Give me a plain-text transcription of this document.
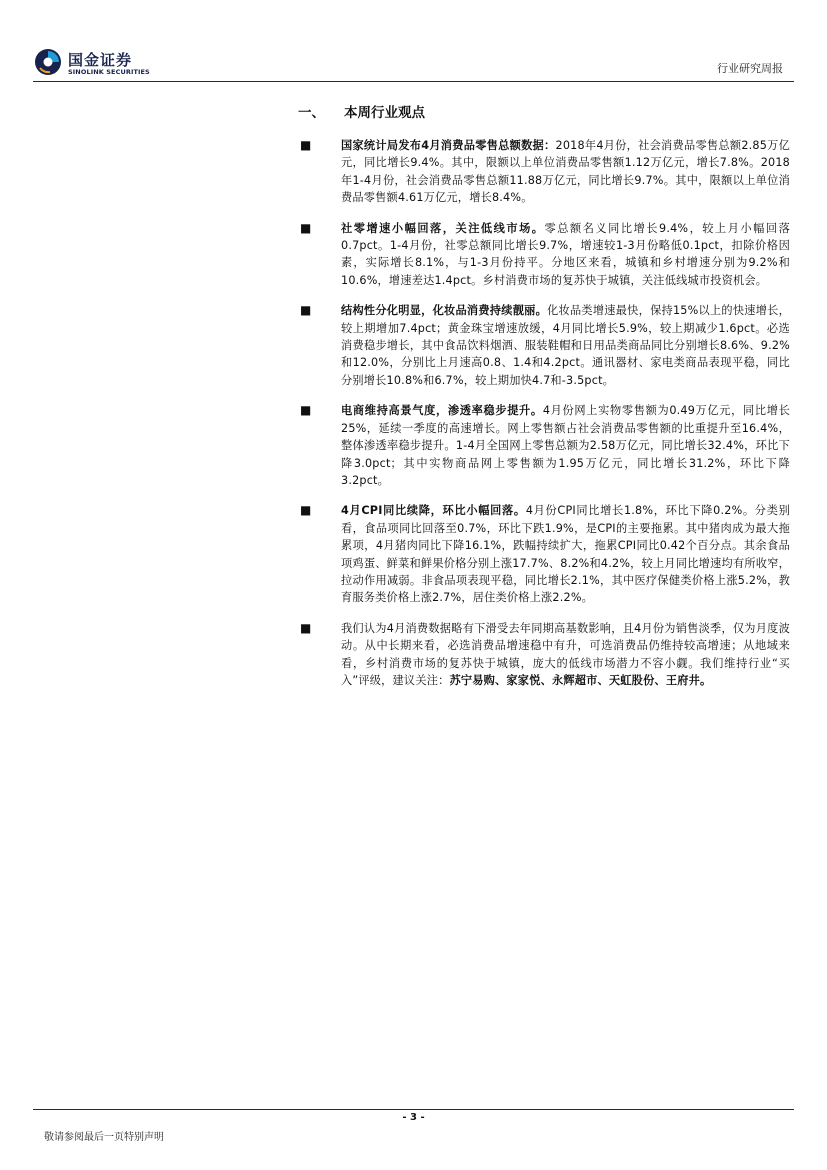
国金证券
SINOLINK SECURITIES	行业研究周报
一、 本周行业观点
■	国家统计局发布4月消费品零售总额数据：2018年4月份，社会消费品零售总额2.85万亿元，同比增长9.4%。其中，限额以上单位消费品零售额1.12万亿元，增长7.8%。2018年1-4月份，社会消费品零售总额11.88万亿元，同比增长9.7%。其中，限额以上单位消费品零售额4.61万亿元，增长8.4%。
■	社零增速小幅回落，关注低线市场。零总额名义同比增长9.4%，较上月小幅回落0.7pct。1-4月份，社零总额同比增长9.7%，增速较1-3月份略低0.1pct，扣除价格因素，实际增长8.1%，与1-3月份持平。分地区来看，城镇和乡村增速分别为9.2%和10.6%，增速差达1.4pct。乡村消费市场的复苏快于城镇，关注低线城市投资机会。
■	结构性分化明显，化妆品消费持续靓丽。化妆品类增速最快，保持15%以上的快速增长，较上期增加7.4pct；黄金珠宝增速放缓，4月同比增长5.9%，较上期减少1.6pct。必选消费稳步增长，其中食品饮料烟酒、服装鞋帽和日用品类商品同比分别增长8.6%、9.2%和12.0%，分别比上月速高0.8、1.4和4.2pct。通讯器材、家电类商品表现平稳，同比分别增长10.8%和6.7%，较上期加快4.7和-3.5pct。
■	电商维持高景气度，渗透率稳步提升。4月份网上实物零售额为0.49万亿元，同比增长25%，延续一季度的高速增长。网上零售额占社会消费品零售额的比重提升至16.4%，整体渗透率稳步提升。1-4月全国网上零售总额为2.58万亿元，同比增长32.4%，环比下降3.0pct；其中实物商品网上零售额为1.95万亿元，同比增长31.2%，环比下降3.2pct。
■	4月CPI同比续降，环比小幅回落。4月份CPI同比增长1.8%，环比下降0.2%。分类别看，食品项同比回落至0.7%，环比下跌1.9%，是CPI的主要拖累。其中猪肉成为最大拖累项，4月猪肉同比下降16.1%，跌幅持续扩大，拖累CPI同比0.42个百分点。其余食品项鸡蛋、鲜菜和鲜果价格分别上涨17.7%、8.2%和4.2%，较上月同比增速均有所收窄，拉动作用减弱。非食品项表现平稳，同比增长2.1%，其中医疗保健类价格上涨5.2%，教育服务类价格上涨2.7%，居住类价格上涨2.2%。
■	我们认为4月消费数据略有下滑受去年同期高基数影响，且4月份为销售淡季，仅为月度波动。从中长期来看，必选消费品增速稳中有升，可选消费品仍维持较高增速；从地域来看，乡村消费市场的复苏快于城镇，庞大的低线市场潜力不容小觑。我们维持行业“买入”评级，建议关注：苏宁易购、家家悦、永辉超市、天虹股份、王府井。
- 3 -
敬请参阅最后一页特别声明
